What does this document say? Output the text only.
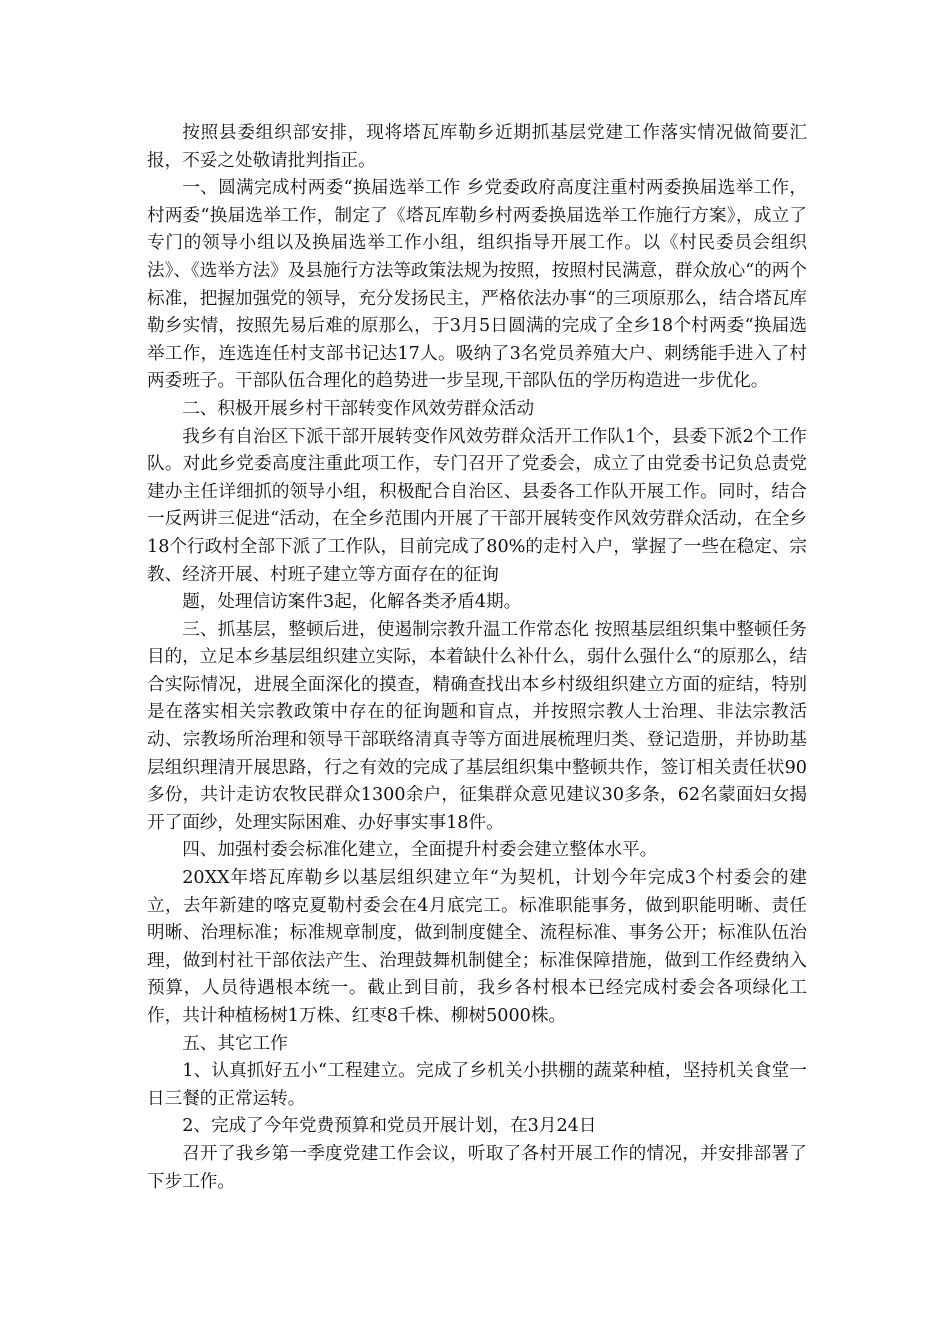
按照县委组织部安排，现将塔瓦库勒乡近期抓基层党建工作落实情况做简要汇报，不妥之处敬请批判指正。

一、圆满完成村两委“换届选举工作 乡党委政府高度注重村两委换届选举工作，村两委“换届选举工作，制定了《塔瓦库勒乡村两委换届选举工作施行方案》，成立了专门的领导小组以及换届选举工作小组，组织指导开展工作。以《村民委员会组织法》、《选举方法》及县施行方法等政策法规为按照，按照村民满意，群众放心“的两个标准，把握加强党的领导，充分发扬民主，严格依法办事“的三项原那么，结合塔瓦库勒乡实情，按照先易后难的原那么，于3月5日圆满的完成了全乡18个村两委“换届选举工作，连选连任村支部书记达17人。吸纳了3名党员养殖大户、刺绣能手进入了村两委班子。干部队伍合理化的趋势进一步呈现,干部队伍的学历构造进一步优化。

二、积极开展乡村干部转变作风效劳群众活动

我乡有自治区下派干部开展转变作风效劳群众活开工作队1个，县委下派2个工作队。对此乡党委高度注重此项工作，专门召开了党委会，成立了由党委书记负总责党建办主任详细抓的领导小组，积极配合自治区、县委各工作队开展工作。同时，结合一反两讲三促进“活动，在全乡范围内开展了干部开展转变作风效劳群众活动，在全乡18个行政村全部下派了工作队，目前完成了80%的走村入户，掌握了一些在稳定、宗教、经济开展、村班子建立等方面存在的征询

题，处理信访案件3起，化解各类矛盾4期。

三、抓基层，整顿后进，使遏制宗教升温工作常态化 按照基层组织集中整顿任务目的，立足本乡基层组织建立实际，本着缺什么补什么，弱什么强什么“的原那么，结合实际情况，进展全面深化的摸查，精确查找出本乡村级组织建立方面的症结，特别是在落实相关宗教政策中存在的征询题和盲点，并按照宗教人士治理、非法宗教活动、宗教场所治理和领导干部联络清真寺等方面进展梳理归类、登记造册，并协助基层组织理清开展思路，行之有效的完成了基层组织集中整顿共作，签订相关责任状90多份，共计走访农牧民群众1300余户，征集群众意见建议30多条，62名蒙面妇女揭开了面纱，处理实际困难、办好事实事18件。

四、加强村委会标准化建立，全面提升村委会建立整体水平。

20XX年塔瓦库勒乡以基层组织建立年“为契机，计划今年完成3个村委会的建立，去年新建的喀克夏勒村委会在4月底完工。标准职能事务，做到职能明晰、责任明晰、治理标准；标准规章制度，做到制度健全、流程标准、事务公开；标准队伍治理，做到村社干部依法产生、治理鼓舞机制健全；标准保障措施，做到工作经费纳入预算，人员待遇根本统一。截止到目前，我乡各村根本已经完成村委会各项绿化工作，共计种植杨树1万株、红枣8千株、柳树5000株。

五、其它工作

1、认真抓好五小“工程建立。完成了乡机关小拱棚的蔬菜种植，坚持机关食堂一日三餐的正常运转。

2、完成了今年党费预算和党员开展计划，在3月24日

召开了我乡第一季度党建工作会议，听取了各村开展工作的情况，并安排部署了下步工作。
